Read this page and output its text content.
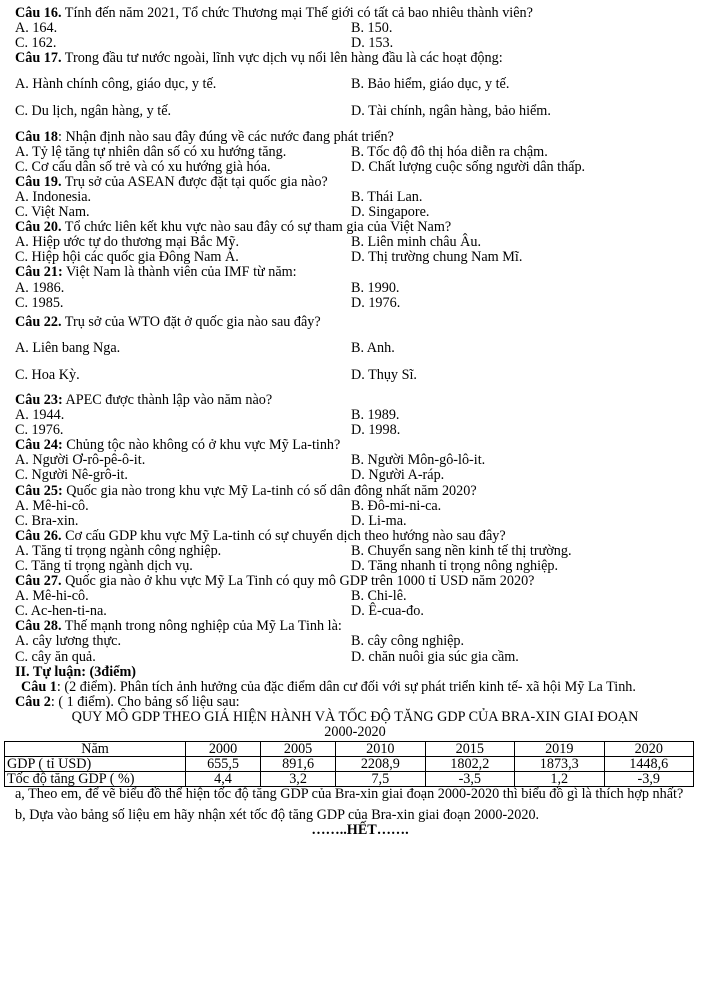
Câu 16. Tính đến năm 2021, Tổ chức Thương mại Thế giới có tất cả bao nhiêu thành viên?
A. 164.	B. 150.
C. 162.	D. 153.
Câu 17. Trong đầu tư nước ngoài, lĩnh vực dịch vụ nổi lên hàng đầu là các hoạt động:
A. Hành chính công, giáo dục, y tế.	B. Bảo hiểm, giáo dục, y tế.
C. Du lịch, ngân hàng, y tế.	D. Tài chính, ngân hàng, bảo hiểm.
Câu 18: Nhận định nào sau đây đúng về các nước đang phát triển?
A. Tỷ lệ tăng tự nhiên dân số có xu hướng tăng.	B. Tốc độ đô thị hóa diễn ra chậm.
C. Cơ cấu dân số trẻ và có xu hướng già hóa.	D. Chất lượng cuộc sống người dân thấp.
Câu 19. Trụ sở của ASEAN được đặt tại quốc gia nào?
A. Indonesia.	B. Thái Lan.
C. Việt Nam.	D. Singapore.
Câu 20. Tổ chức liên kết khu vực nào sau đây có sự tham gia của Việt Nam?
A. Hiệp ước tự do thương mại Bắc Mỹ.	B. Liên minh châu Âu.
C. Hiệp hội các quốc gia Đông Nam Á.	D. Thị trường chung Nam Mĩ.
Câu 21: Việt Nam là thành viên của IMF từ năm:
A. 1986.	B. 1990.
C. 1985.	D. 1976.
Câu 22. Trụ sở của WTO đặt ở quốc gia nào sau đây?
A. Liên bang Nga.	B. Anh.
C. Hoa Kỳ.	D. Thụy Sĩ.
Câu 23: APEC được thành lập vào năm nào?
A. 1944.	B. 1989.
C. 1976.	D. 1998.
Câu 24: Chủng tộc nào không có ở khu vực Mỹ La-tinh?
A. Người Ơ-rô-pê-ô-it.	B. Người Môn-gô-lô-it.
C. Người Nê-grô-it.	D. Người A-ráp.
Câu 25: Quốc gia nào trong khu vực Mỹ La-tinh có số dân đông nhất năm 2020?
A. Mê-hi-cô.	B. Đô-mi-ni-ca.
C. Bra-xin.	D. Li-ma.
Câu 26. Cơ cấu GDP khu vực Mỹ La-tinh có sự chuyển dịch theo hướng nào sau đây?
A. Tăng tỉ trọng ngành công nghiệp.	B. Chuyển sang nền kinh tế thị trường.
C. Tăng tỉ trọng ngành dịch vụ.	D. Tăng nhanh tỉ trọng nông nghiệp.
Câu 27. Quốc gia nào ở khu vực Mỹ La Tinh có quy mô GDP trên 1000 tỉ USD năm 2020?
A. Mê-hi-cô.	B. Chi-lê.
C. Ac-hen-ti-na.	D. Ê-cua-đo.
Câu 28. Thế mạnh trong nông nghiệp của Mỹ La Tinh là:
A. cây lương thực.	B. cây công nghiệp.
C. cây ăn quả.	D. chăn nuôi gia súc gia cầm.
II. Tự luận: (3điểm)
Câu 1: (2 điểm). Phân tích ảnh hưởng của đặc điểm dân cư đối với sự phát triển kinh tế- xã hội Mỹ La Tinh.
Câu 2: ( 1 điểm). Cho bảng số liệu sau:
QUY MÔ GDP THEO GIÁ HIỆN HÀNH VÀ TỐC ĐỘ TĂNG GDP CỦA BRA-XIN GIAI ĐOẠN
2000-2020
Năm	2000	2005	2010	2015	2019	2020
GDP ( tỉ USD)	655,5	891,6	2208,9	1802,2	1873,3	1448,6
Tốc độ tăng GDP ( %)	4,4	3,2	7,5	-3,5	1,2	-3,9
a, Theo em, để vẽ biểu đồ thể hiện tốc độ tăng GDP của Bra-xin giai đoạn 2000-2020 thì biểu đồ gì là thích hợp nhất?
b, Dựa vào bảng số liệu em hãy nhận xét tốc độ tăng GDP của Bra-xin giai đoạn 2000-2020.
……..HẾT…….
